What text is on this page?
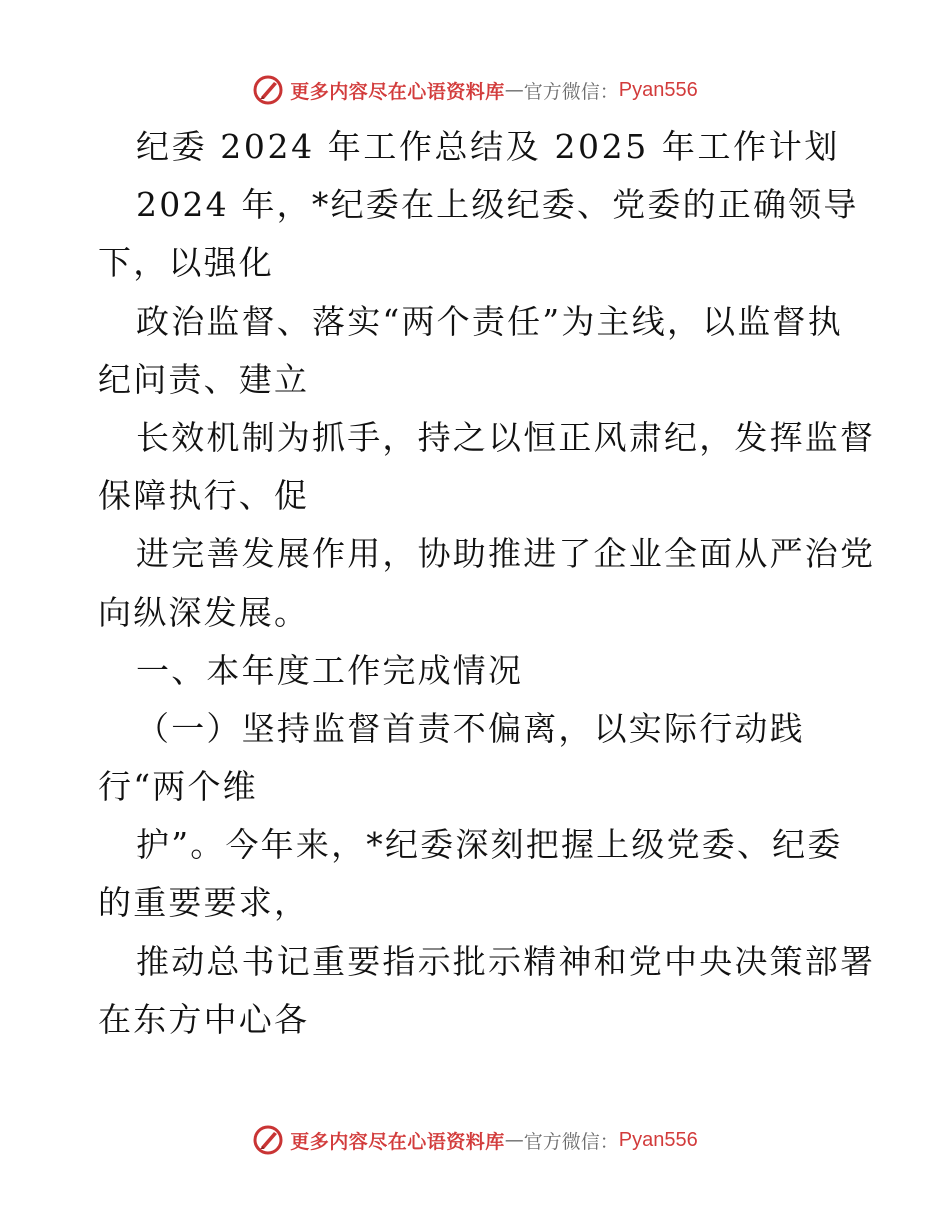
更多内容尽在心语资料库 — 官方微信： Pyan556
纪委 2024 年工作总结及 2025 年工作计划
2024 年，*纪委在上级纪委、党委的正确领导
下，以强化
政治监督、落实“两个责任”为主线，以监督执
纪问责、建立
长效机制为抓手，持之以恒正风肃纪，发挥监督
保障执行、促
进完善发展作用，协助推进了企业全面从严治党
向纵深发展。
一、本年度工作完成情况
（一）坚持监督首责不偏离，以实际行动践
行“两个维
护”。今年来，*纪委深刻把握上级党委、纪委
的重要要求，
推动总书记重要指示批示精神和党中央决策部署
在东方中心各
更多内容尽在心语资料库 — 官方微信： Pyan556
